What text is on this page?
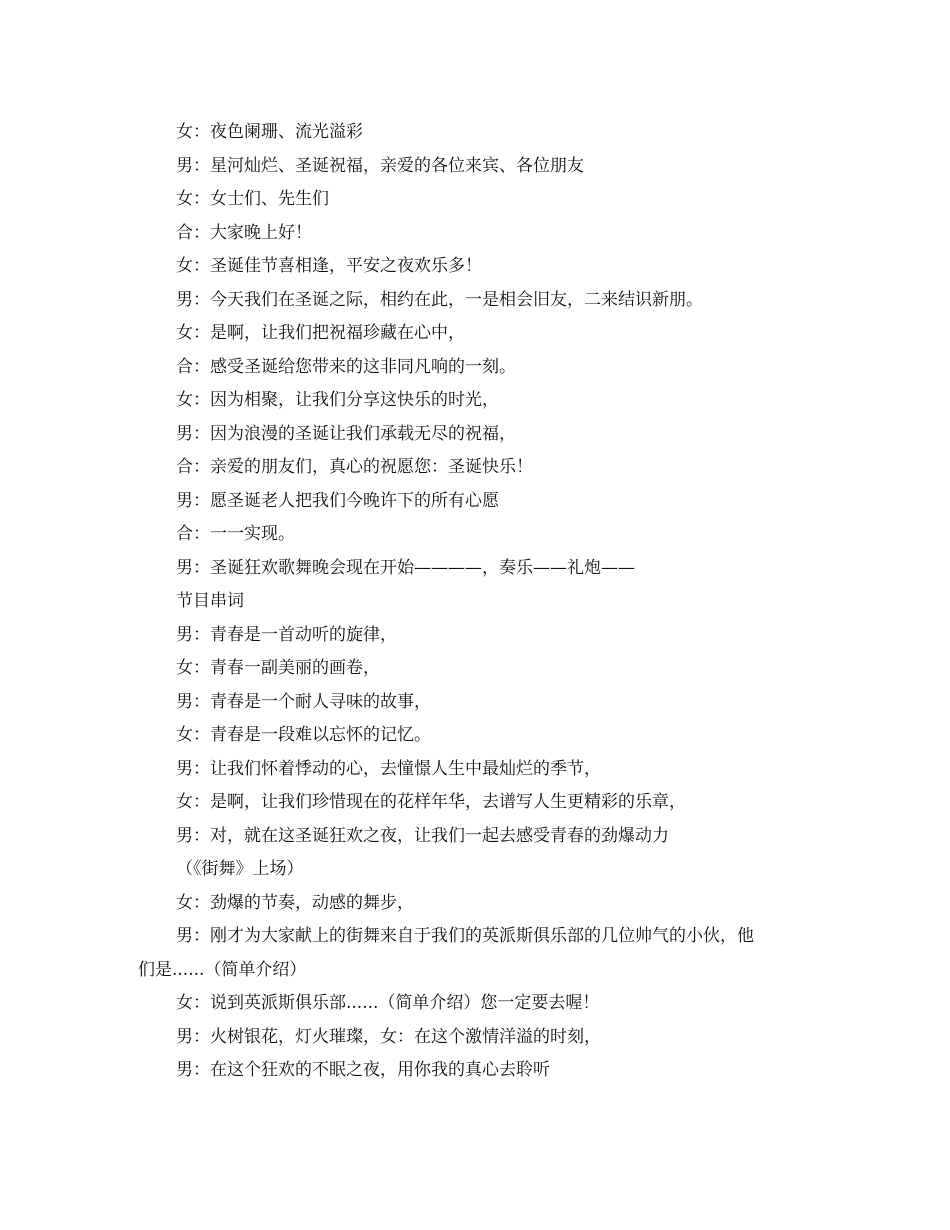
女：夜色阑珊、流光溢彩
男：星河灿烂、圣诞祝福，亲爱的各位来宾、各位朋友
女：女士们、先生们
合：大家晚上好！
女：圣诞佳节喜相逢，平安之夜欢乐多！
男：今天我们在圣诞之际，相约在此，一是相会旧友，二来结识新朋。
女：是啊，让我们把祝福珍藏在心中，
合：感受圣诞给您带来的这非同凡响的一刻。
女：因为相聚，让我们分享这快乐的时光，
男：因为浪漫的圣诞让我们承载无尽的祝福，
合：亲爱的朋友们，真心的祝愿您：圣诞快乐！
男：愿圣诞老人把我们今晚许下的所有心愿
合：一一实现。
男：圣诞狂欢歌舞晚会现在开始————，奏乐——礼炮——
节目串词
男：青春是一首动听的旋律，
女：青春一副美丽的画卷，
男：青春是一个耐人寻味的故事，
女：青春是一段难以忘怀的记忆。
男：让我们怀着悸动的心，去憧憬人生中最灿烂的季节，
女：是啊，让我们珍惜现在的花样年华，去谱写人生更精彩的乐章，
男：对，就在这圣诞狂欢之夜，让我们一起去感受青春的劲爆动力
（《街舞》上场）
女：劲爆的节奏，动感的舞步，
男：刚才为大家献上的街舞来自于我们的英派斯俱乐部的几位帅气的小伙，他
们是......（简单介绍）
女：说到英派斯俱乐部......（简单介绍）您一定要去喔！
男：火树银花，灯火璀璨，女：在这个激情洋溢的时刻，
男：在这个狂欢的不眠之夜，用你我的真心去聆听
